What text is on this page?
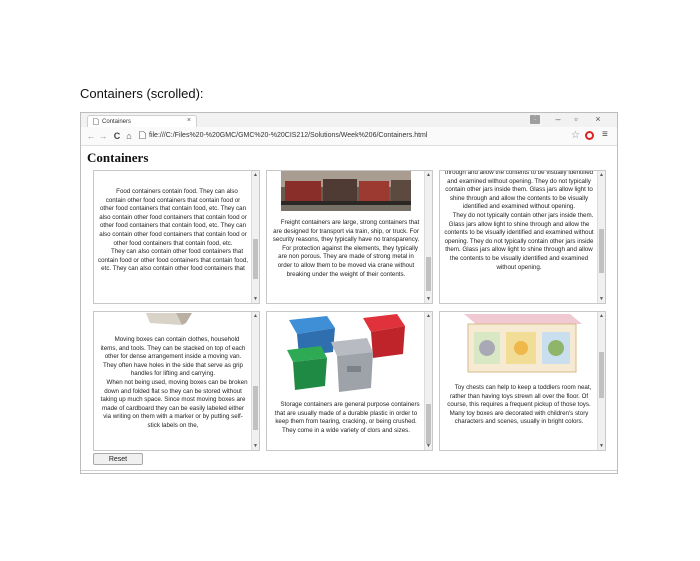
Containers (scrolled):
Containers	×	⁚	–	▫	×
← → C ⌂	file:///C:/Files%20-%20GMC/GMC%20-%20CIS212/Solutions/Week%206/Containers.html	☆ ≡
Containers

Food containers contain food. They can also contain other food containers that contain food or other food containers that contain food, etc. They can also contain other food containers that contain food or other food containers that contain food, etc. They can also contain other food containers that contain food or other food containers that contain food, etc.

They can also contain other food containers that contain food or other food containers that contain food, etc. They can also contain other food containers that

▲
▼

Freight containers are large, strong containers that are designed for transport via train, ship, or truck. For security reasons, they typically have no transparency.

For protection against the elements, they typically are non porous. They are made of strong metal in order to allow them to be moved via crane without breaking under the weight of their contents.

▲
▼

through and allow the contents to be visually identified and examined without opening. They do not typically contain other jars inside them. Glass jars allow light to shine through and allow the contents to be visually identified and examined without opening.

They do not typically contain other jars inside them. Glass jars allow light to shine through and allow the contents to be visually identified and examined without opening. They do not typically contain other jars inside them. Glass jars allow light to shine through and allow the contents to be visually identified and examined without opening.

▲
▼

Moving boxes can contain clothes, household items, and tools. They can be stacked on top of each other for dense arrangement inside a moving van. They often have holes in the side that serve as grip handles for lifting and carrying.

When not being used, moving boxes can be broken down and folded flat so they can be stored without taking up much space. Since most moving boxes are made of cardboard they can be easily labeled either via writing on them with a marker or by putting self-stick labels on the,

▲
▼

Storage containers are general purpose containers that are usually made of a durable plastic in order to keep them from tearing, cracking, or being crushed. They come in a wide variety of clors and sizes.

▲
▼

Toy chests can help to keep a toddlers room neat, rather than having toys strewn all over the floor. Of course, this requires a frequent pickup of those toys. Many toy boxes are decorated with children's story characters and scenes, usually in bright colors.

▲
▼
Reset
